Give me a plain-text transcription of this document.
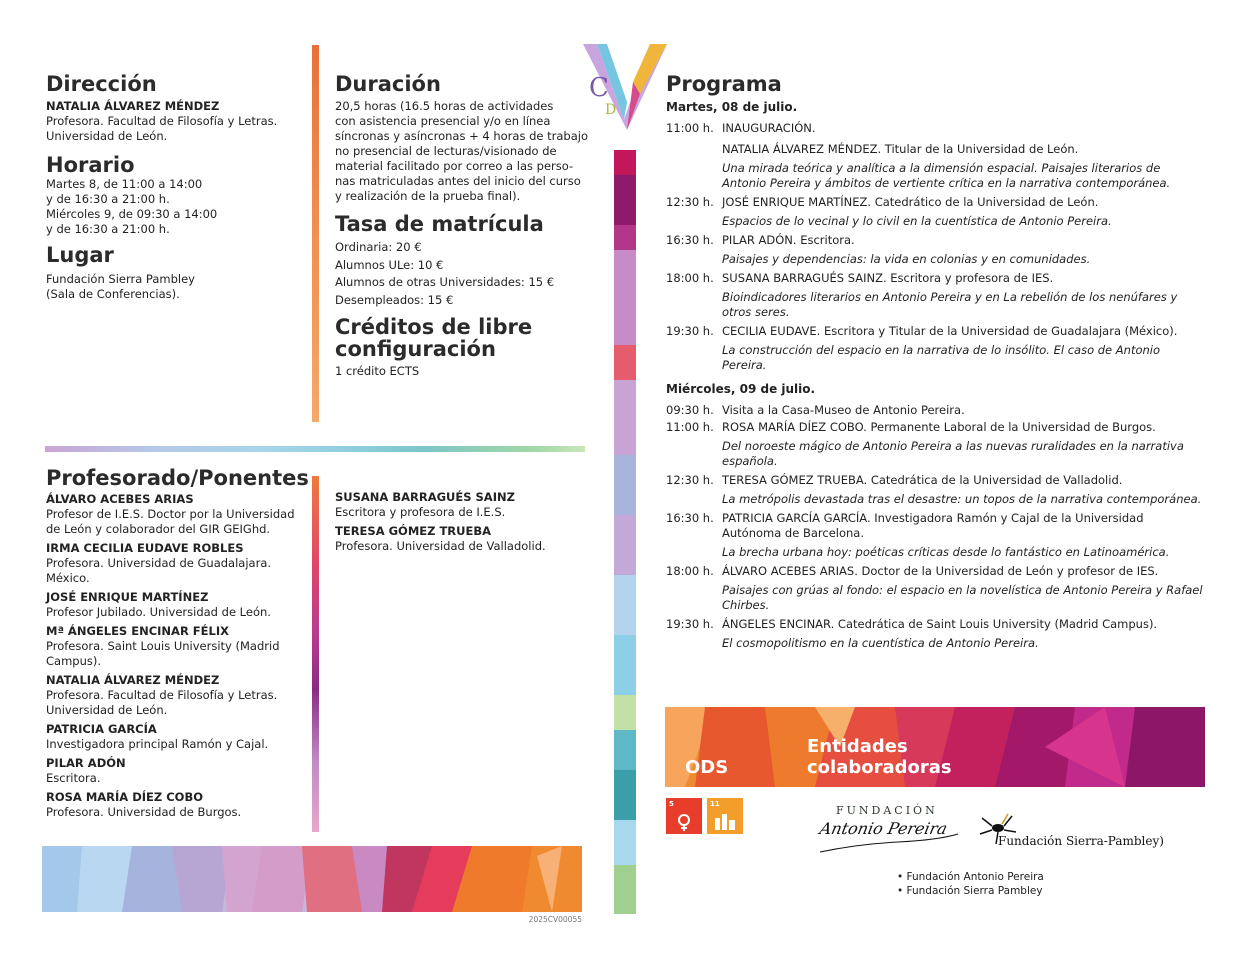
C
D
Dirección
NATALIA ÁLVAREZ MÉNDEZ
Profesora. Facultad de Filosofía y Letras.
Universidad de León.
Horario
Martes 8, de 11:00 a 14:00
y de 16:30 a 21:00 h.
Miércoles 9, de 09:30 a 14:00
y de 16:30 a 21:00 h.
Lugar
Fundación Sierra Pambley
(Sala de Conferencias).
Duración
20,5 horas (16.5 horas de actividades
con asistencia presencial y/o en línea
síncronas y asíncronas + 4 horas de trabajo
no presencial de lecturas/visionado de
material facilitado por correo a las perso-
nas matriculadas antes del inicio del curso
y realización de la prueba final).
Tasa de matrícula
Ordinaria: 20 €
Alumnos ULe: 10 €
Alumnos de otras Universidades: 15 €
Desempleados: 15 €
Créditos de libre
configuración
1 crédito ECTS
Profesorado/Ponentes
ÁLVARO ACEBES ARIAS
Profesor de I.E.S. Doctor por la Universidad
de León y colaborador del GIR GEIGhd.
IRMA CECILIA EUDAVE ROBLES
Profesora. Universidad de Guadalajara.
México.
JOSÉ ENRIQUE MARTÍNEZ
Profesor Jubilado. Universidad de León.
Mª ÁNGELES ENCINAR FÉLIX
Profesora. Saint Louis University (Madrid
Campus).
NATALIA ÁLVAREZ MÉNDEZ
Profesora. Facultad de Filosofía y Letras.
Universidad de León.
PATRICIA GARCÍA
Investigadora principal Ramón y Cajal.
PILAR ADÓN
Escritora.
ROSA MARÍA DÍEZ COBO
Profesora. Universidad de Burgos.
SUSANA BARRAGUÉS SAINZ
Escritora y profesora de I.E.S.
TERESA GÓMEZ TRUEBA
Profesora. Universidad de Valladolid.
2025CV00055
Programa
Martes, 08 de julio.
11:00 h. INAUGURACIÓN.
NATALIA ÁLVAREZ MÉNDEZ. Titular de la Universidad de León.
Una mirada teórica y analítica a la dimensión espacial. Paisajes literarios de Antonio Pereira y ámbitos de vertiente crítica en la narrativa contemporánea.
12:30 h. JOSÉ ENRIQUE MARTÍNEZ. Catedrático de la Universidad de León.
Espacios de lo vecinal y lo civil en la cuentística de Antonio Pereira.
16:30 h. PILAR ADÓN. Escritora.
Paisajes y dependencias: la vida en colonias y en comunidades.
18:00 h. SUSANA BARRAGUÉS SAINZ. Escritora y profesora de IES.
Bioindicadores literarios en Antonio Pereira y en La rebelión de los nenúfares y otros seres.
19:30 h. CECILIA EUDAVE. Escritora y Titular de la Universidad de Guadalajara (México).
La construcción del espacio en la narrativa de lo insólito. El caso de Antonio Pereira.
Miércoles, 09 de julio.
09:30 h. Visita a la Casa-Museo de Antonio Pereira.
11:00 h. ROSA MARÍA DÍEZ COBO. Permanente Laboral de la Universidad de Burgos.
Del noroeste mágico de Antonio Pereira a las nuevas ruralidades en la narrativa española.
12:30 h. TERESA GÓMEZ TRUEBA. Catedrática de la Universidad de Valladolid.
La metrópolis devastada tras el desastre: un topos de la narrativa contemporánea.
16:30 h. PATRICIA GARCÍA GARCÍA. Investigadora Ramón y Cajal de la Universidad Autónoma de Barcelona.
La brecha urbana hoy: poéticas críticas desde lo fantástico en Latinoamérica.
18:00 h. ÁLVARO ACEBES ARIAS. Doctor de la Universidad de León y profesor de IES.
Paisajes con grúas al fondo: el espacio en la novelística de Antonio Pereira y Rafael Chirbes.
19:30 h. ÁNGELES ENCINAR. Catedrática de Saint Louis University (Madrid Campus).
El cosmopolitismo en la cuentística de Antonio Pereira.
ODS
Entidades
colaboradoras
5	11	FUNDACIÓN
Antonio Pereira
Fundación Sierra-Pambley)
• Fundación Antonio Pereira
• Fundación Sierra Pambley
